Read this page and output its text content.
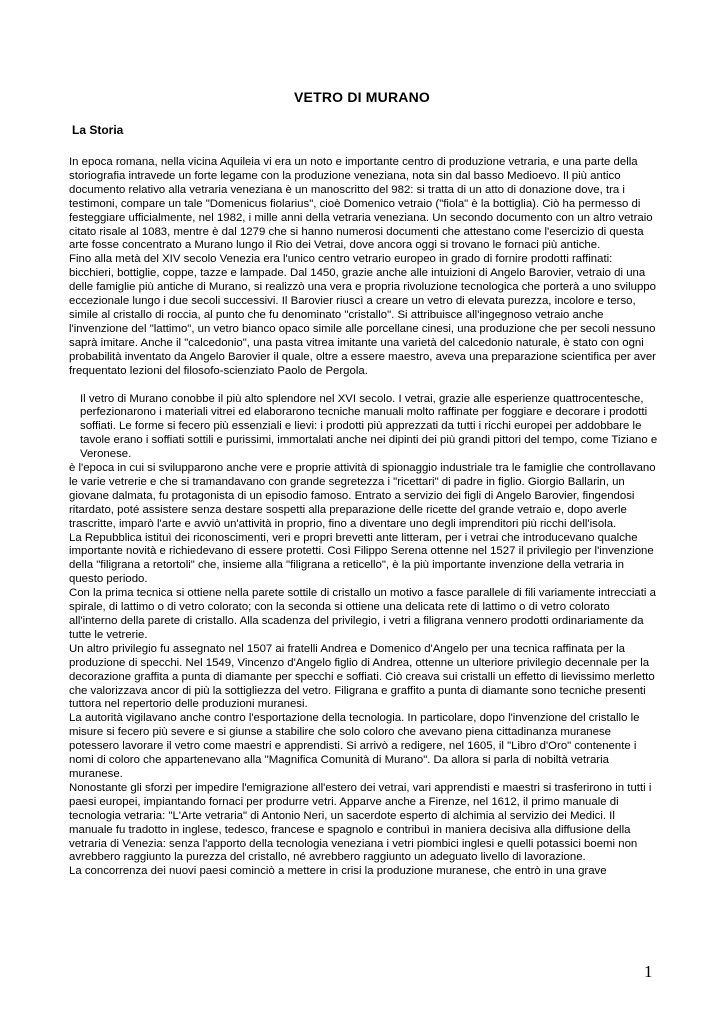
VETRO DI MURANO
La Storia

In epoca romana, nella vicina Aquileia vi era un noto e importante centro di produzione vetraria, e una parte della storiografia intravede un forte legame con la produzione veneziana, nota sin dal basso Medioevo. Il più antico documento relativo alla vetraria veneziana è un manoscritto del 982: si tratta di un atto di donazione dove, tra i testimoni, compare un tale "Domenicus fiolarius", cioè Domenico vetraio ("fiola" è la bottiglia). Ciò ha permesso di festeggiare ufficialmente, nel 1982, i mille anni della vetraria veneziana. Un secondo documento con un altro vetraio citato risale al 1083, mentre è dal 1279 che si hanno numerosi documenti che attestano come l'esercizio di questa arte fosse concentrato a Murano lungo il Rio dei Vetrai, dove ancora oggi si trovano le fornaci più antiche.

Fino alla metà del XIV secolo Venezia era l'unico centro vetrario europeo in grado di fornire prodotti raffinati: bicchieri, bottiglie, coppe, tazze e lampade. Dal 1450, grazie anche alle intuizioni di Angelo Barovier, vetraio di una delle famiglie più antiche di Murano, si realizzò una vera e propria rivoluzione tecnologica che porterà a uno sviluppo eccezionale lungo i due secoli successivi. Il Barovier riuscì a creare un vetro di elevata purezza, incolore e terso, simile al cristallo di roccia, al punto che fu denominato "cristallo". Si attribuisce all'ingegnoso vetraio anche l'invenzione del "lattimo", un vetro bianco opaco simile alle porcellane cinesi, una produzione che per secoli nessuno saprà imitare. Anche il "calcedonio", una pasta vitrea imitante una varietà del calcedonio naturale, è stato con ogni probabilità inventato da Angelo Barovier il quale, oltre a essere maestro, aveva una preparazione scientifica per aver frequentato lezioni del filosofo-scienziato Paolo de Pergola.

Il vetro di Murano conobbe il più alto splendore nel XVI secolo. I vetrai, grazie alle esperienze quattrocentesche, perfezionarono i materiali vitrei ed elaborarono tecniche manuali molto raffinate per foggiare e decorare i prodotti soffiati. Le forme si fecero più essenziali e lievi: i prodotti più apprezzati da tutti i ricchi europei per addobbare le tavole erano i soffiati sottili e purissimi, immortalati anche nei dipinti dei più grandi pittori del tempo, come Tiziano e Veronese.

è l'epoca in cui si svilupparono anche vere e proprie attività di spionaggio industriale tra le famiglie che controllavano le varie vetrerie e che si tramandavano con grande segretezza i "ricettari" di padre in figlio. Giorgio Ballarin, un giovane dalmata, fu protagonista di un episodio famoso. Entrato a servizio dei figli di Angelo Barovier, fingendosi ritardato, poté assistere senza destare sospetti alla preparazione delle ricette del grande vetraio e, dopo averle trascritte, imparò l'arte e avviò un'attività in proprio, fino a diventare uno degli imprenditori più ricchi dell'isola.

La Repubblica istituì dei riconoscimenti, veri e propri brevetti ante litteram, per i vetrai che introducevano qualche importante novità e richiedevano di essere protetti. Così Filippo Serena ottenne nel 1527 il privilegio per l'invenzione della "filigrana a retortoli" che, insieme alla "filigrana a reticello", è la più importante invenzione della vetraria in questo periodo.

Con la prima tecnica si ottiene nella parete sottile di cristallo un motivo a fasce parallele di fili variamente intrecciati a spirale, di lattimo o di vetro colorato; con la seconda si ottiene una delicata rete di lattimo o di vetro colorato all'interno della parete di cristallo. Alla scadenza del privilegio, i vetri a filigrana vennero prodotti ordinariamente da tutte le vetrerie.

Un altro privilegio fu assegnato nel 1507 ai fratelli Andrea e Domenico d'Angelo per una tecnica raffinata per la produzione di specchi. Nel 1549, Vincenzo d'Angelo figlio di Andrea, ottenne un ulteriore privilegio decennale per la decorazione graffita a punta di diamante per specchi e soffiati. Ciò creava sui cristalli un effetto di lievissimo merletto che valorizzava ancor di più la sottigliezza del vetro. Filigrana e graffito a punta di diamante sono tecniche presenti tuttora nel repertorio delle produzioni muranesi.

La autorità vigilavano anche contro l'esportazione della tecnologia. In particolare, dopo l'invenzione del cristallo le misure si fecero più severe e si giunse a stabilire che solo coloro che avevano piena cittadinanza muranese potessero lavorare il vetro come maestri e apprendisti. Si arrivò a redigere, nel 1605, il "Libro d'Oro" contenente i nomi di coloro che appartenevano alla "Magnifica Comunità di Murano". Da allora si parla di nobiltà vetraria muranese.

Nonostante gli sforzi per impedire l'emigrazione all'estero dei vetrai, vari apprendisti e maestri si trasferirono in tutti i paesi europei, impiantando fornaci per produrre vetri. Apparve anche a Firenze, nel 1612, il primo manuale di tecnologia vetraria: "L'Arte vetraria" di Antonio Neri, un sacerdote esperto di alchimia al servizio dei Medici. Il manuale fu tradotto in inglese, tedesco, francese e spagnolo e contribuì in maniera decisiva alla diffusione della vetraria di Venezia: senza l'apporto della tecnologia veneziana i vetri piombici inglesi e quelli potassici boemi non avrebbero raggiunto la purezza del cristallo, né avrebbero raggiunto un adeguato livello di lavorazione.

La concorrenza dei nuovi paesi cominciò a mettere in crisi la produzione muranese, che entrò in una grave

1
